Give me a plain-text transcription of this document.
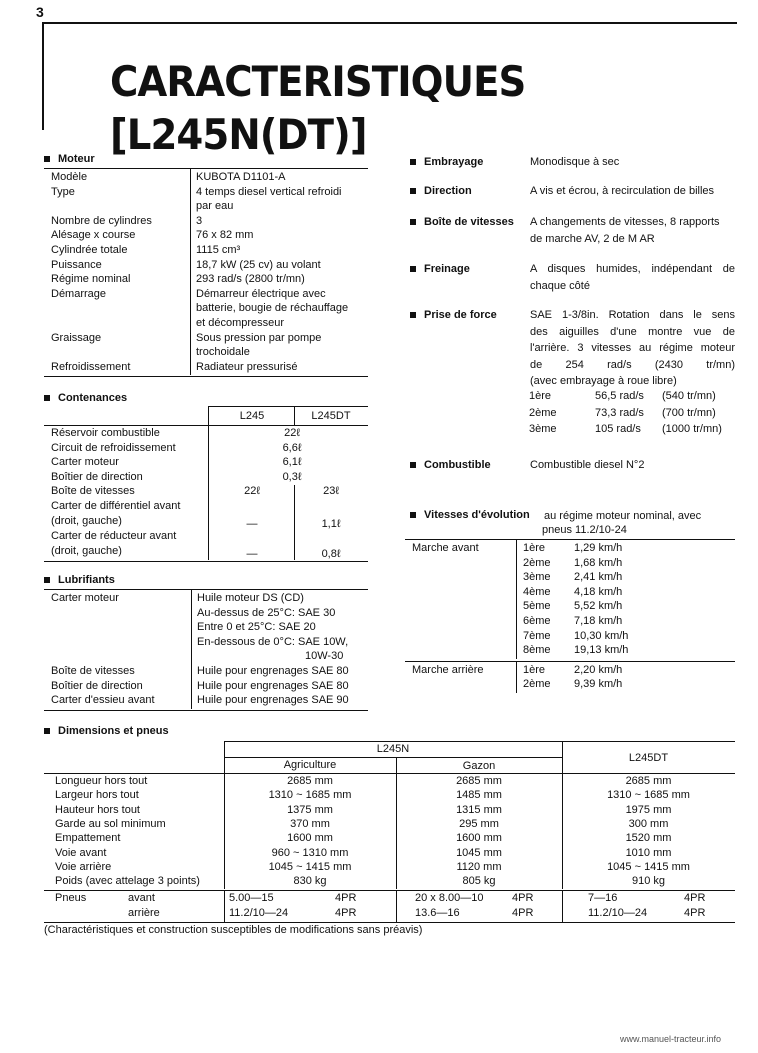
3
CARACTERISTIQUES [L245N(DT)]
Moteur
Modèle	KUBOTA D1101-A
Type	4 temps diesel vertical refroidi
par eau
Nombre de cylindres	3
Alésage x course	76 x 82 mm
Cylindrée totale	1115 cm³
Puissance	18,7 kW (25 cv) au volant
Régime nominal	293 rad/s (2800 tr/mn)
Démarrage	Démarreur électrique avec
batterie, bougie de réchauffage
et décompresseur
Graissage	Sous pression par pompe
trochoidale
Refroidissement	Radiateur pressurisé
Contenances
L245	L245DT
Réservoir combustible	22ℓ
Circuit de refroidissement	6,6ℓ
Carter moteur	6,1ℓ
Boîtier de direction	0,3ℓ
Boîte de vitesses	22ℓ	23ℓ
Carter de différentiel avant
(droit, gauche)	—	1,1ℓ
Carter de réducteur avant
(droit, gauche)	—	0,8ℓ
Lubrifiants
Carter moteur	Huile moteur DS (CD)
Au-dessus de 25°C: SAE 30
Entre 0 et 25°C: SAE 20
En-dessous de 0°C: SAE 10W,
10W-30
Boîte de vitesses	Huile pour engrenages SAE 80
Boîtier de direction	Huile pour engrenages SAE 80
Carter d'essieu avant	Huile pour engrenages SAE 90
Embrayage	Monodisque à sec
Direction	A vis et écrou, à recirculation de billes
Boîte de vitesses A changements de vitesses, 8 rapports
de marche AV, 2 de M AR
Freinage	A disques humides, indépendant de
chaque côté
Prise de force	SAE 1-3/8in. Rotation dans le sens
des aiguilles d'une montre vue de
l'arrière. 3 vitesses au régime moteur
de 254 rad/s (2430 tr/mn)
(avec embrayage à roue libre)
1ère	56,5 rad/s (540 tr/mn)
2ème	73,3 rad/s (700 tr/mn)
3ème	105 rad/s (1000 tr/mn)
Combustible	Combustible diesel N°2
Vitesses d'évolution au régime moteur nominal, avec
pneus 11.2/10-24
Marche avant	1ère	1,29 km/h
2ème 1,68 km/h
3ème 2,41 km/h
4ème 4,18 km/h
5ème 5,52 km/h
6ème 7,18 km/h
7ème 10,30 km/h
8ème 19,13 km/h
Marche arrière	1ère	2,20 km/h
2ème 9,39 km/h
Dimensions et pneus
L245N
Agriculture	Gazon
L245DT
Longueur hors tout	2685 mm	2685 mm	2685 mm
Largeur hors tout	1310 ~ 1685 mm	1485 mm	1310 ~ 1685 mm
Hauteur hors tout	1375 mm	1315 mm	1975 mm
Garde au sol minimum	370 mm	295 mm	300 mm
Empattement	1600 mm	1600 mm	1520 mm
Voie avant	960 ~ 1310 mm	1045 mm	1010 mm
Voie arrière	1045 ~ 1415 mm	1120 mm	1045 ~ 1415 mm
Poids (avec attelage 3 points)	830 kg	805 kg	910 kg
Pneus	avant	5.00—15	4PR	20 x 8.00—10	4PR	7—16	4PR
arrière	11.2/10—24	4PR	13.6—16	4PR	11.2/10—24	4PR
(Charactéristiques et construction susceptibles de modifications sans préavis)
www.manuel-tracteur.info
